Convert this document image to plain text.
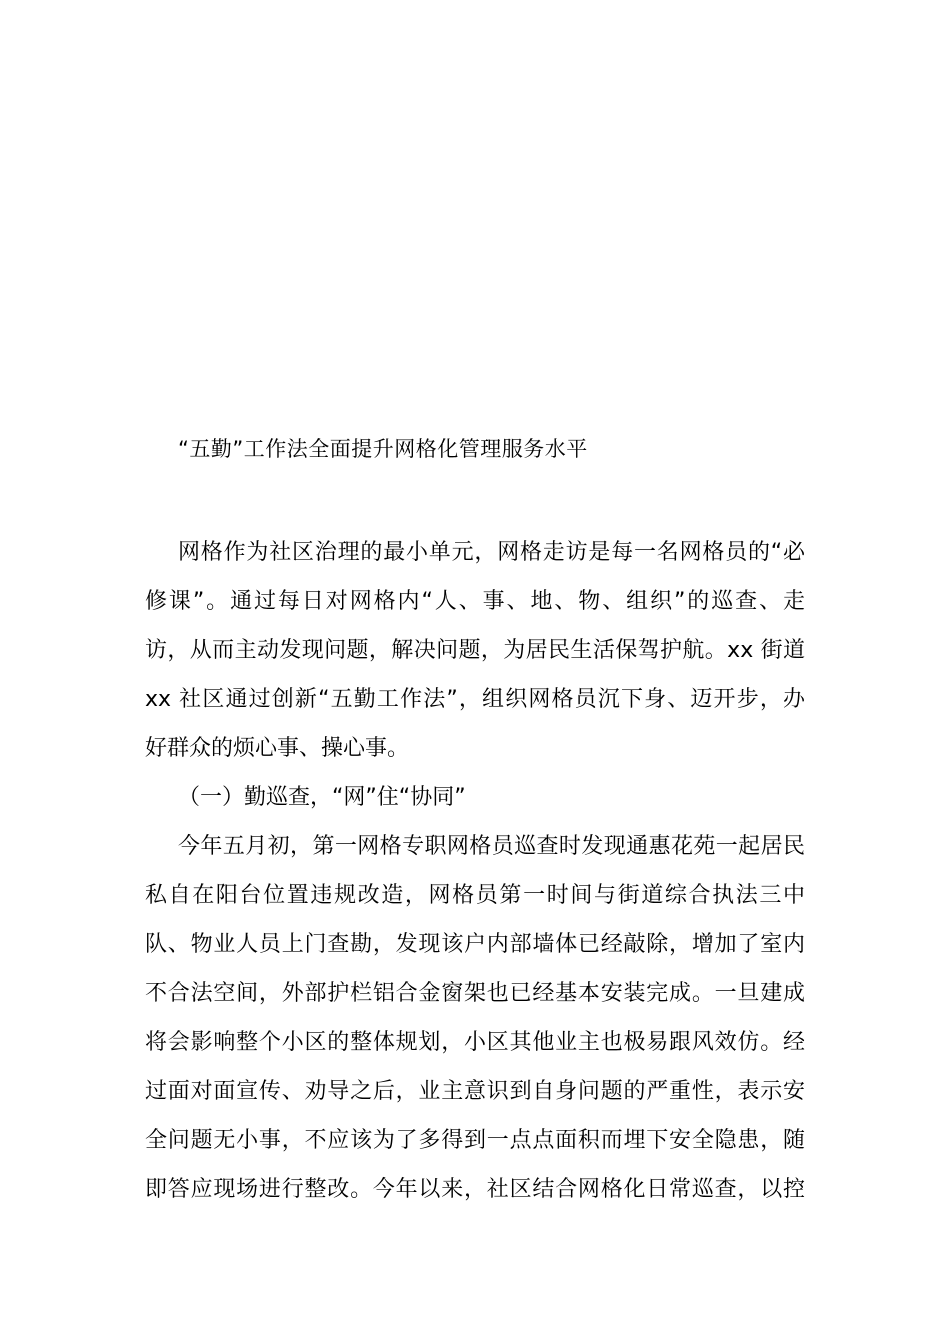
“五勤”工作法全面提升网格化管理服务水平
网格作为社区治理的最小单元，网格走访是每一名网格员的“必
修课”。通过每日对网格内“人、事、地、物、组织”的巡查、走
访，从而主动发现问题，解决问题，为居民生活保驾护航。xx 街道
xx 社区通过创新“五勤工作法”，组织网格员沉下身、迈开步，办
好群众的烦心事、操心事。
（一）勤巡查，“网”住“协同”
今年五月初，第一网格专职网格员巡查时发现通惠花苑一起居民
私自在阳台位置违规改造，网格员第一时间与街道综合执法三中
队、物业人员上门查勘，发现该户内部墙体已经敲除，增加了室内
不合法空间，外部护栏铝合金窗架也已经基本安装完成。一旦建成
将会影响整个小区的整体规划，小区其他业主也极易跟风效仿。经
过面对面宣传、劝导之后，业主意识到自身问题的严重性，表示安
全问题无小事，不应该为了多得到一点点面积而埋下安全隐患，随
即答应现场进行整改。今年以来，社区结合网格化日常巡查，以控
